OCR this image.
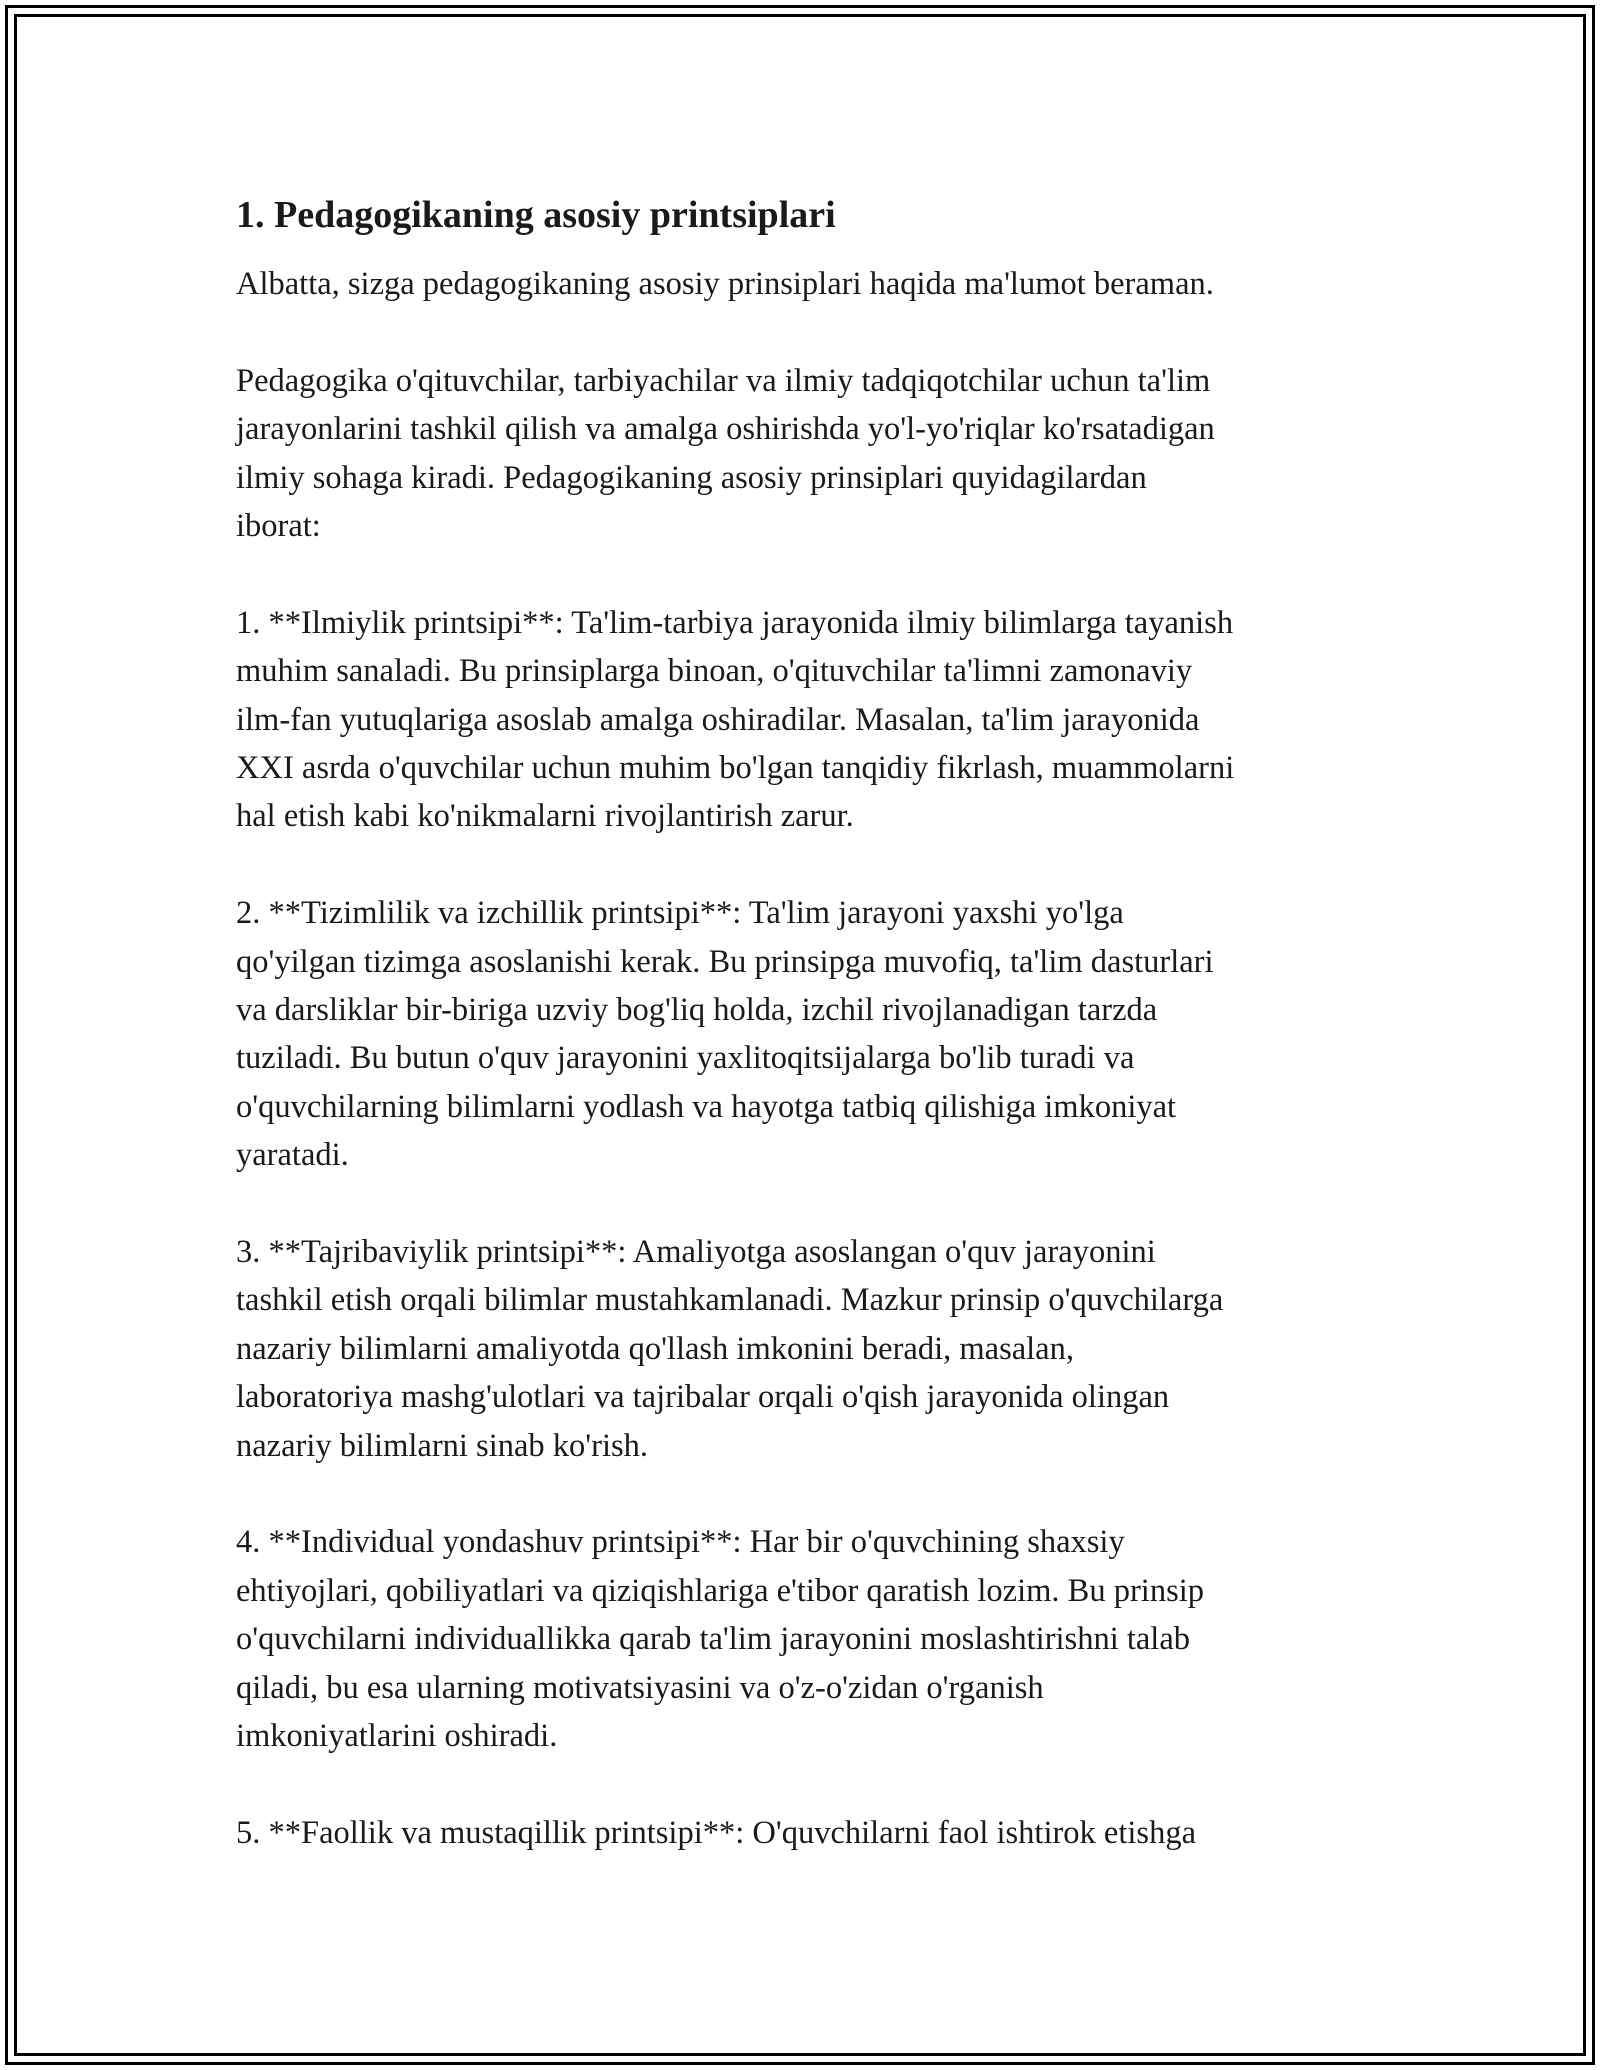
1. Pedagogikaning asosiy printsiplari
Albatta, sizga pedagogikaning asosiy prinsiplari haqida ma'lumot beraman.
Pedagogika o'qituvchilar, tarbiyachilar va ilmiy tadqiqotchilar uchun ta'lim
jarayonlarini tashkil qilish va amalga oshirishda yo'l-yo'riqlar ko'rsatadigan
ilmiy sohaga kiradi. Pedagogikaning asosiy prinsiplari quyidagilardan
iborat:
1. **Ilmiylik printsipi**: Ta'lim-tarbiya jarayonida ilmiy bilimlarga tayanish
muhim sanaladi. Bu prinsiplarga binoan, o'qituvchilar ta'limni zamonaviy
ilm-fan yutuqlariga asoslab amalga oshiradilar. Masalan, ta'lim jarayonida
XXI asrda o'quvchilar uchun muhim bo'lgan tanqidiy fikrlash, muammolarni
hal etish kabi ko'nikmalarni rivojlantirish zarur.
2. **Tizimlilik va izchillik printsipi**: Ta'lim jarayoni yaxshi yo'lga
qo'yilgan tizimga asoslanishi kerak. Bu prinsipga muvofiq, ta'lim dasturlari
va darsliklar bir-biriga uzviy bog'liq holda, izchil rivojlanadigan tarzda
tuziladi. Bu butun o'quv jarayonini yaxlitoqitsijalarga bo'lib turadi va
o'quvchilarning bilimlarni yodlash va hayotga tatbiq qilishiga imkoniyat
yaratadi.
3. **Tajribaviylik printsipi**: Amaliyotga asoslangan o'quv jarayonini
tashkil etish orqali bilimlar mustahkamlanadi. Mazkur prinsip o'quvchilarga
nazariy bilimlarni amaliyotda qo'llash imkonini beradi, masalan,
laboratoriya mashg'ulotlari va tajribalar orqali o'qish jarayonida olingan
nazariy bilimlarni sinab ko'rish.
4. **Individual yondashuv printsipi**: Har bir o'quvchining shaxsiy
ehtiyojlari, qobiliyatlari va qiziqishlariga e'tibor qaratish lozim. Bu prinsip
o'quvchilarni individuallikka qarab ta'lim jarayonini moslashtirishni talab
qiladi, bu esa ularning motivatsiyasini va o'z-o'zidan o'rganish
imkoniyatlarini oshiradi.
5. **Faollik va mustaqillik printsipi**: O'quvchilarni faol ishtirok etishga
